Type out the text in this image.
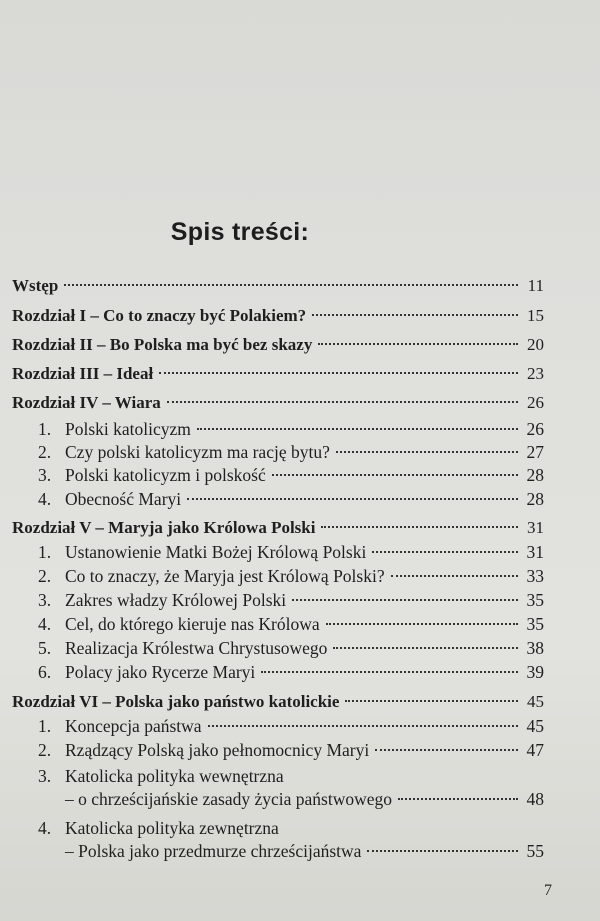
Spis treści:
Wstęp	11
Rozdział I – Co to znaczy być Polakiem?	15
Rozdział II – Bo Polska ma być bez skazy	20
Rozdział III – Ideał	23
Rozdział IV – Wiara	26
1. Polski katolicyzm	26
2. Czy polski katolicyzm ma rację bytu?	27
3. Polski katolicyzm i polskość	28
4. Obecność Maryi	28
Rozdział V – Maryja jako Królowa Polski	31
1. Ustanowienie Matki Bożej Królową Polski	31
2. Co to znaczy, że Maryja jest Królową Polski?	33
3. Zakres władzy Królowej Polski	35
4. Cel, do którego kieruje nas Królowa	35
5. Realizacja Królestwa Chrystusowego	38
6. Polacy jako Rycerze Maryi	39
Rozdział VI – Polska jako państwo katolickie	45
1. Koncepcja państwa	45
2. Rządzący Polską jako pełnomocnicy Maryi	47
3. Katolicka polityka wewnętrzna
– o chrześcijańskie zasady życia państwowego	48
4. Katolicka polityka zewnętrzna
– Polska jako przedmurze chrześcijaństwa	55
7
